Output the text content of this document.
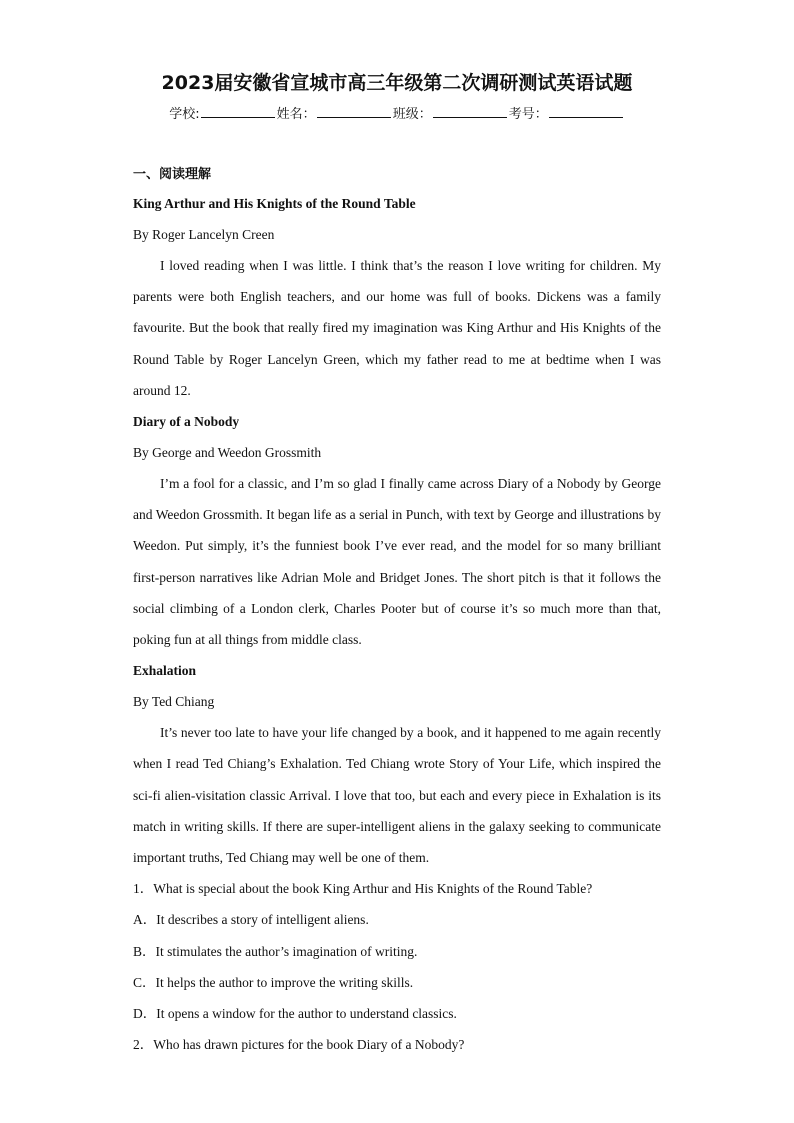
2023届安徽省宣城市高三年级第二次调研测试英语试题
学校:	姓名：	班级：	考号：
一、阅读理解
King Arthur and His Knights of the Round Table
By Roger Lancelyn Creen

I loved reading when I was little. I think that’s the reason I love writing for children. My parents were both English teachers, and our home was full of books. Dickens was a family favourite. But the book that really fired my imagination was King Arthur and His Knights of the Round Table by Roger Lancelyn Green, which my father read to me at bedtime when I was around 12.

Diary of a Nobody
By George and Weedon Grossmith

I’m a fool for a classic, and I’m so glad I finally came across Diary of a Nobody by George and Weedon Grossmith. It began life as a serial in Punch, with text by George and illustrations by Weedon. Put simply, it’s the funniest book I’ve ever read, and the model for so many brilliant first-person narratives like Adrian Mole and Bridget Jones. The short pitch is that it follows the social climbing of a London clerk, Charles Pooter but of course it’s so much more than that, poking fun at all things from middle class.

Exhalation
By Ted Chiang

It’s never too late to have your life changed by a book, and it happened to me again recently when I read Ted Chiang’s Exhalation. Ted Chiang wrote Story of Your Life, which inspired the sci-fi alien-visitation classic Arrival. I love that too, but each and every piece in Exhalation is its match in writing skills. If there are super-intelligent aliens in the galaxy seeking to communicate important truths, Ted Chiang may well be one of them.

1．What is special about the book King Arthur and His Knights of the Round Table?
A．It describes a story of intelligent aliens.
B．It stimulates the author’s imagination of writing.
C．It helps the author to improve the writing skills.
D．It opens a window for the author to understand classics.
2．Who has drawn pictures for the book Diary of a Nobody?
